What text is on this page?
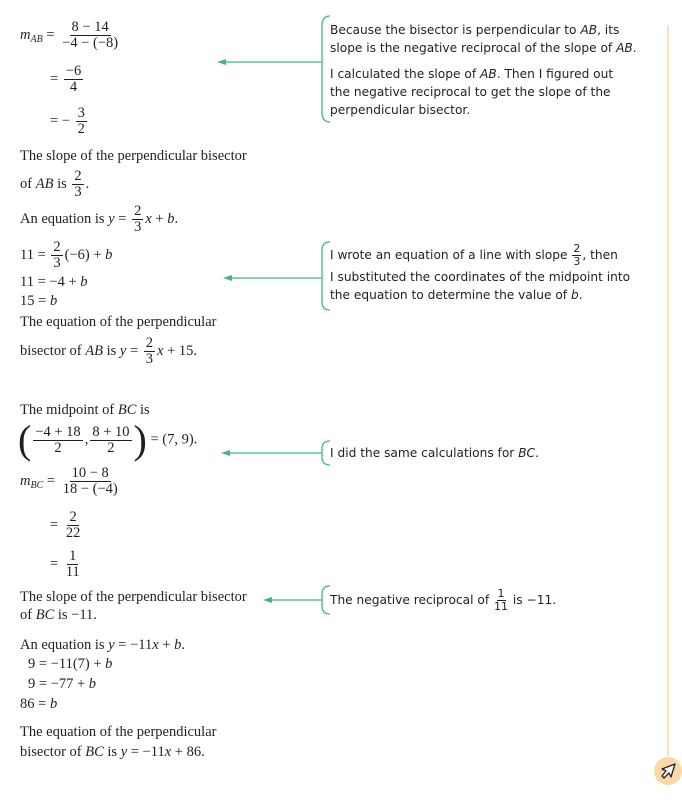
$m_{AB} = \frac{8 - 14}{-4 - (-8)}$
= $\frac{-6}{4}$
= − $\frac{3}{2}$
The slope of the perpendicular bisector
of AB is $\frac{2}{3}$ .
An equation is $y = \frac{2}{3}$ x + b.
$11 = \frac{2}{3} (-6) + b$
11 = −4 + b
15 = b
The equation of the perpendicular
bisector of AB is $y = \frac{2}{3}$ x + 15.
The midpoint of BC is
( $\frac{-4 + 18}{2}$ , $\frac{8 + 10}{2}$ ) = (7, 9).
$m_{BC} = \frac{10 - 8}{18 - (-4)}$
= $\frac{2}{22}$
= $\frac{1}{11}$
The slope of the perpendicular bisector
of BC is −11.
An equation is y = −11x + b.
9 = −11(7) + b
9 = −77 + b
86 = b
The equation of the perpendicular
bisector of BC is y = −11x + 86.
Because the bisector is perpendicular to AB, its
slope is the negative reciprocal of the slope of AB.
I calculated the slope of AB. Then I figured out
the negative reciprocal to get the slope of the
perpendicular bisector.
I wrote an equation of a line with slope $\frac{2}{3}$ , then
I substituted the coordinates of the midpoint into
the equation to determine the value of b.
I did the same calculations for BC.
The negative reciprocal of $\frac{1}{11}$ is −11.
